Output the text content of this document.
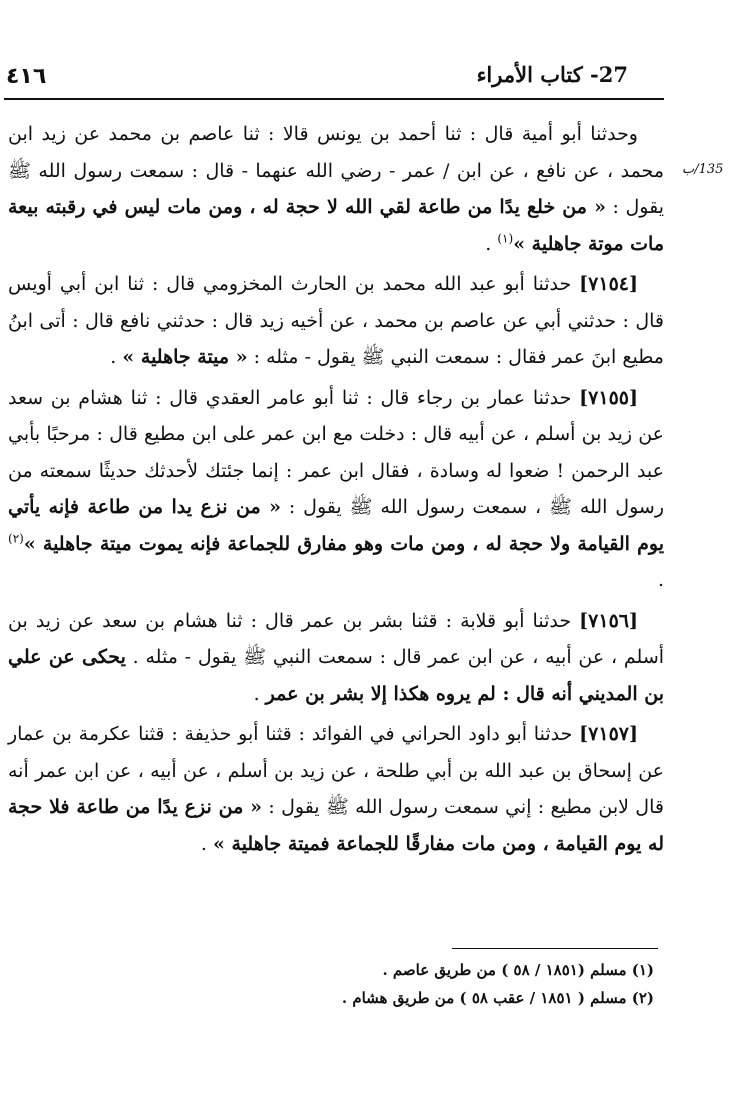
٤١٦	27- كتاب الأمراء
135/ب

وحدثنا أبو أمية قال : ثنا أحمد بن يونس قالا : ثنا عاصم بن محمد عن زيد ابن محمد ، عن نافع ، عن ابن / عمر - رضي الله عنهما - قال : سمعت رسول الله ﷺ يقول : « من خلع يدًا من طاعة لقي الله لا حجة له ، ومن مات ليس في رقبته بيعة مات موتة جاهلية »$^{(١)}$ .

[٧١٥٤] حدثنا أبو عبد الله محمد بن الحارث المخزومي قال : ثنا ابن أبي أويس قال : حدثني أبي عن عاصم بن محمد ، عن أخيه زيد قال : حدثني نافع قال : أتى ابنُ مطيع ابنَ عمر فقال : سمعت النبي ﷺ يقول - مثله : « ميتة جاهلية » .

[٧١٥٥] حدثنا عمار بن رجاء قال : ثنا أبو عامر العقدي قال : ثنا هشام بن سعد عن زيد بن أسلم ، عن أبيه قال : دخلت مع ابن عمر على ابن مطيع قال : مرحبًا بأبي عبد الرحمن ! ضعوا له وسادة ، فقال ابن عمر : إنما جئتك لأحدثك حديثًا سمعته من رسول الله ﷺ ، سمعت رسول الله ﷺ يقول : « من نزع يدا من طاعة فإنه يأتي يوم القيامة ولا حجة له ، ومن مات وهو مفارق للجماعة فإنه يموت ميتة جاهلية »$^{(٢)}$ .

[٧١٥٦] حدثنا أبو قلابة : قثنا بشر بن عمر قال : ثنا هشام بن سعد عن زيد بن أسلم ، عن أبيه ، عن ابن عمر قال : سمعت النبي ﷺ يقول - مثله . يحكى عن علي بن المديني أنه قال : لم يروه هكذا إلا بشر بن عمر .

[٧١٥٧] حدثنا أبو داود الحراني في الفوائد : قثنا أبو حذيفة : قثنا عكرمة بن عمار عن إسحاق بن عبد الله بن أبي طلحة ، عن زيد بن أسلم ، عن أبيه ، عن ابن عمر أنه قال لابن مطيع : إني سمعت رسول الله ﷺ يقول : « من نزع يدًا من طاعة فلا حجة له يوم القيامة ، ومن مات مفارقًا للجماعة فميتة جاهلية » .

(١) مسلم (١٨٥١ / ٥٨ ) من طريق عاصم .

(٢) مسلم ( ١٨٥١ / عقب ٥٨ ) من طريق هشام .
